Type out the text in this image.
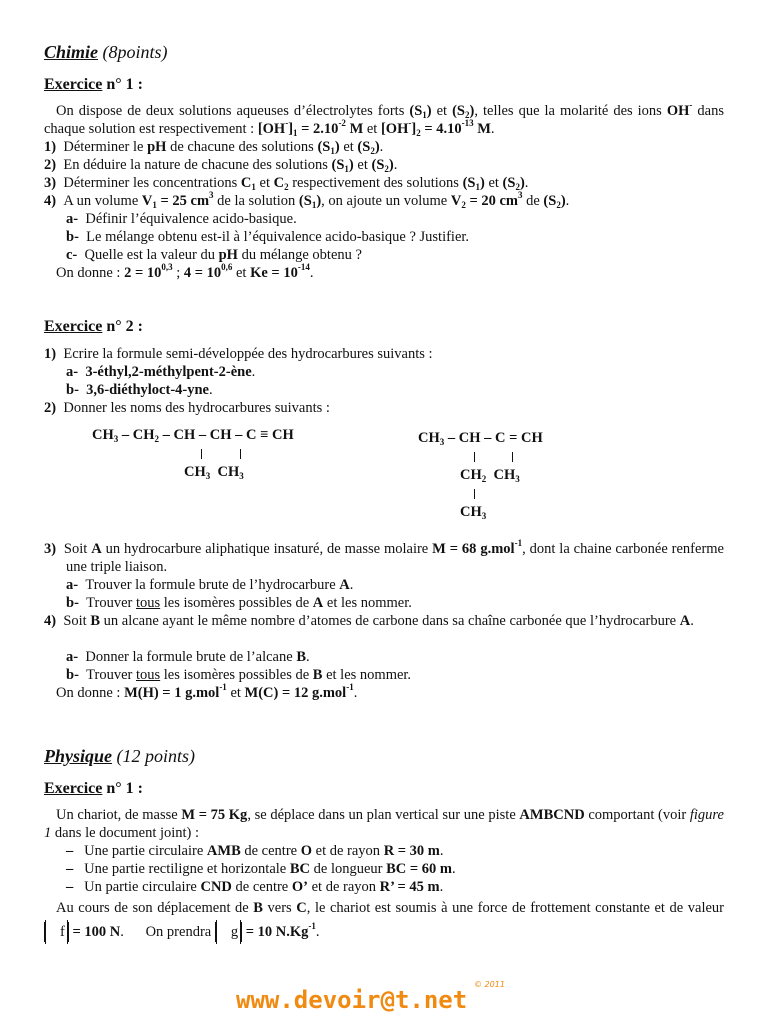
Chimie (8points)
Exercice n° 1 :
On dispose de deux solutions aqueuses d’électrolytes forts $(S_1)$ et $(S_2)$, telles que la molarité des ions OH- dans chaque solution est respectivement : $[OH^-]_1 = 2.10^{-2}$ M et $[OH^-]_2 = 4.10^{-13}$ M.
1)  Déterminer le pH de chacune des solutions $(S_1)$ et $(S_2)$.
2)  En déduire la nature de chacune des solutions $(S_1)$ et $(S_2)$.
3)  Déterminer les concentrations $C_1$ et $C_2$ respectivement des solutions $(S_1)$ et $(S_2)$.
4)  A un volume $V_1 = 25$ $cm^3$ de la solution $(S_1)$, on ajoute un volume $V_2 = 20$ $cm^3$ de $(S_2)$.
a- Définir l’équivalence acido-basique.
b- Le mélange obtenu est-il à l’équivalence acido-basique ? Justifier.
c-  Quelle est la valeur du pH du mélange obtenu ?
On donne : $2 = 10^{0,3}$ ; $4 = 10^{0,6}$ et $Ke = 10^{-14}$.
Exercice n° 2 :
1) Ecrire la formule semi-développée des hydrocarbures suivants :
a- 3-éthyl,2-méthylpent-2-ène.
b- 3,6-diéthyloct-4-yne.
2) Donner les noms des hydrocarbures suivants :
$CH_3 - CH_2$ – CH – CH – C ≡ CH
$CH_3$  $CH_3$
$CH_3$ – CH – C = CH
$CH_2$  $CH_3$
$CH_3$
3)  Soit A un hydrocarbure aliphatique insaturé, de masse molaire M = 68 g.mol$^{-1}$, dont la chaine carbonée renferme une triple liaison.
a-  Trouver la formule brute de l’hydrocarbure A.
b-  Trouver tous les isomères possibles de A et les nommer.
4)  Soit B un alcane ayant le même nombre d’atomes de carbone dans sa chaîne carbonée que l’hydrocarbure A.
a-  Donner la formule brute de l’alcane B.
b-  Trouver tous les isomères possibles de B et les nommer.
On donne : M(H) = 1 g.mol$^{-1}$ et M(C) = 12 g.mol$^{-1}$.
Physique (12 points)
Exercice n° 1 :
Un chariot, de masse M = 75 Kg, se déplace dans un plan vertical sur une piste AMBCND comportant (voir figure 1 dans le document joint) :
–   Une partie circulaire AMB de centre O et de rayon R = 30 m.
–   Une partie rectiligne et horizontale BC de longueur BC = 60 m.
–   Un partie circulaire CND de centre O’ et de rayon R’ = 45 m.
Au cours de son déplacement de B vers C, le chariot est soumis à une force de frottement constante et de valeur f = 100 N.      On prendra g = 10 $N.Kg^{-1}$.
www.devoir@t.net
© 2011
